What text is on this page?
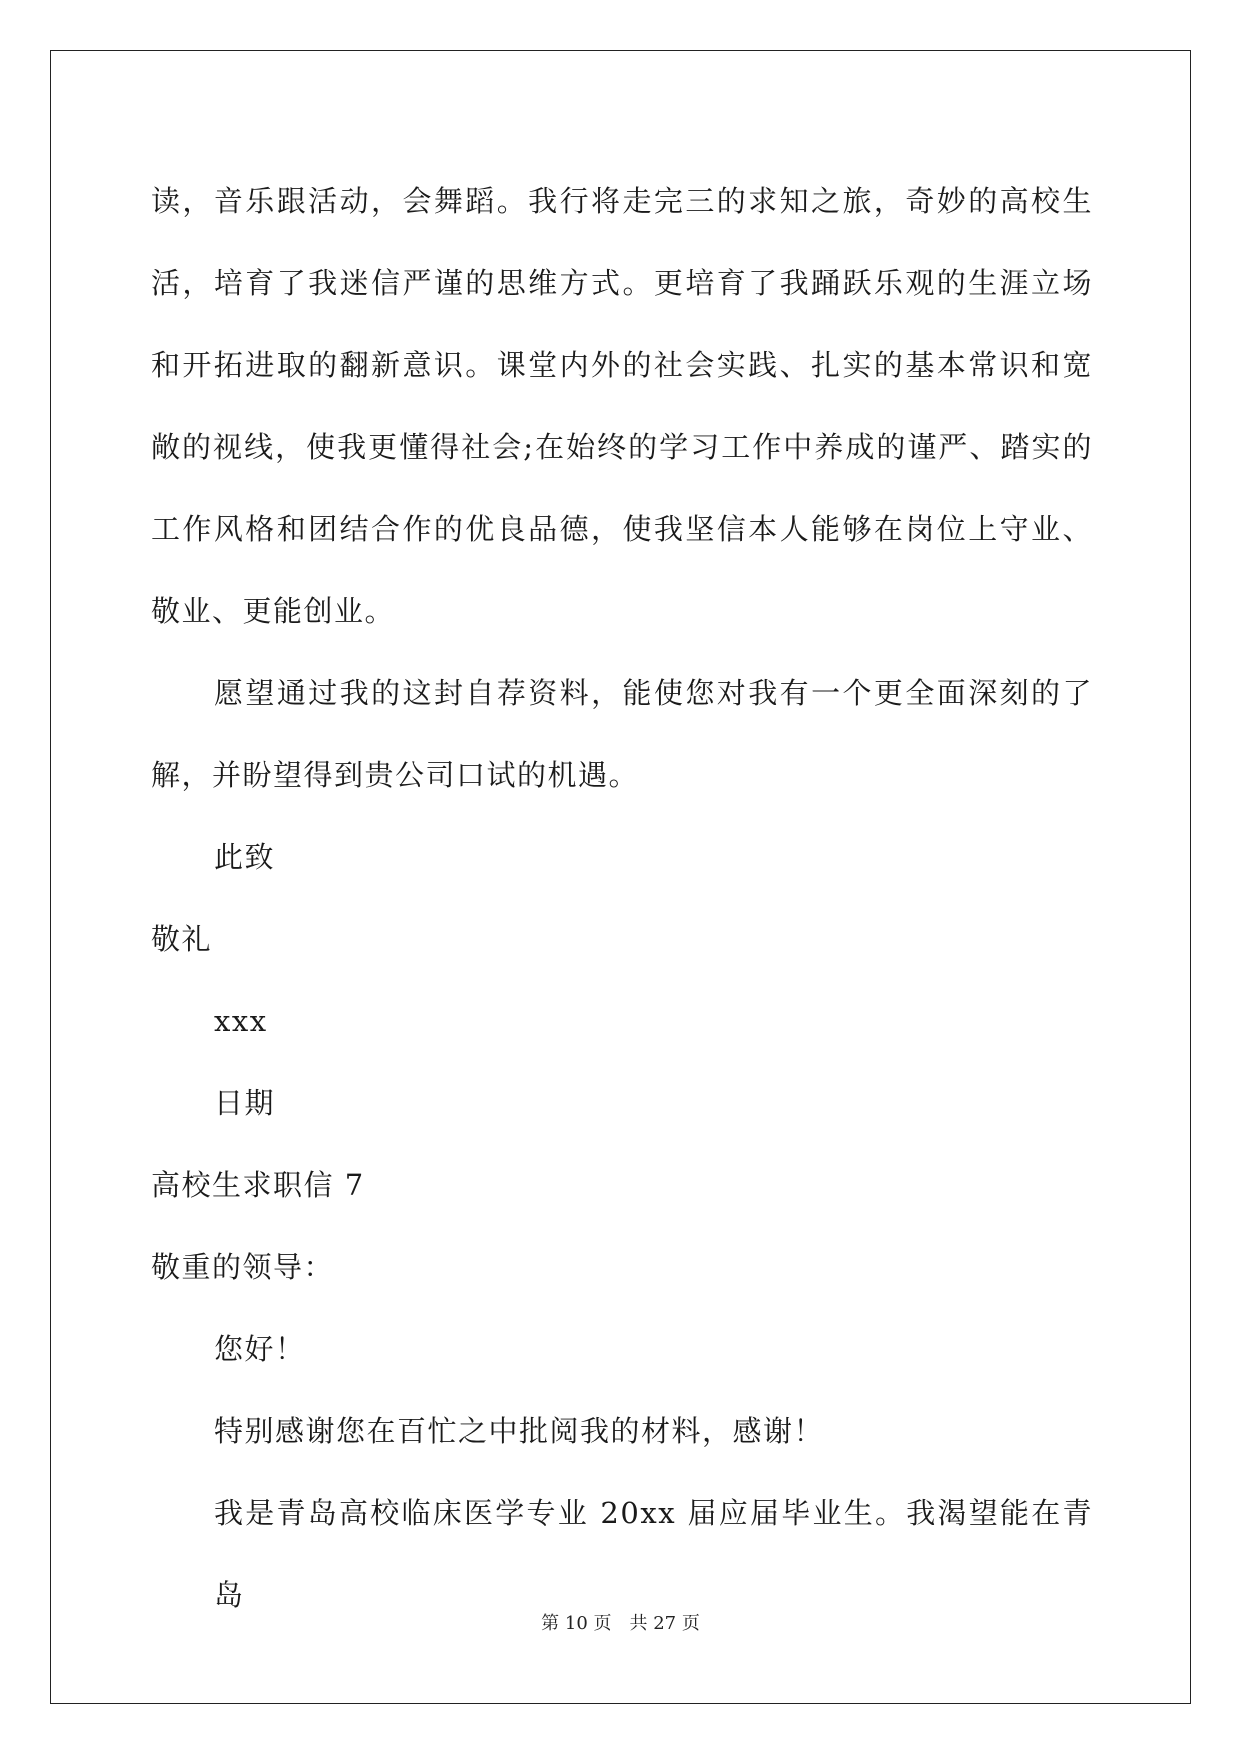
读，音乐跟活动，会舞蹈。我行将走完三的求知之旅，奇妙的高校生
活，培育了我迷信严谨的思维方式。更培育了我踊跃乐观的生涯立场
和开拓进取的翻新意识。课堂内外的社会实践、扎实的基本常识和宽
敞的视线，使我更懂得社会;在始终的学习工作中养成的谨严、踏实的
工作风格和团结合作的优良品德，使我坚信本人能够在岗位上守业、
敬业、更能创业。
愿望通过我的这封自荐资料，能使您对我有一个更全面深刻的了
解，并盼望得到贵公司口试的机遇。
此致
敬礼
xxx
日期
高校生求职信 7
敬重的领导：
您好！
特别感谢您在百忙之中批阅我的材料，感谢！
我是青岛高校临床医学专业 20xx 届应届毕业生。我渴望能在青岛
第 10 页 共 27 页
